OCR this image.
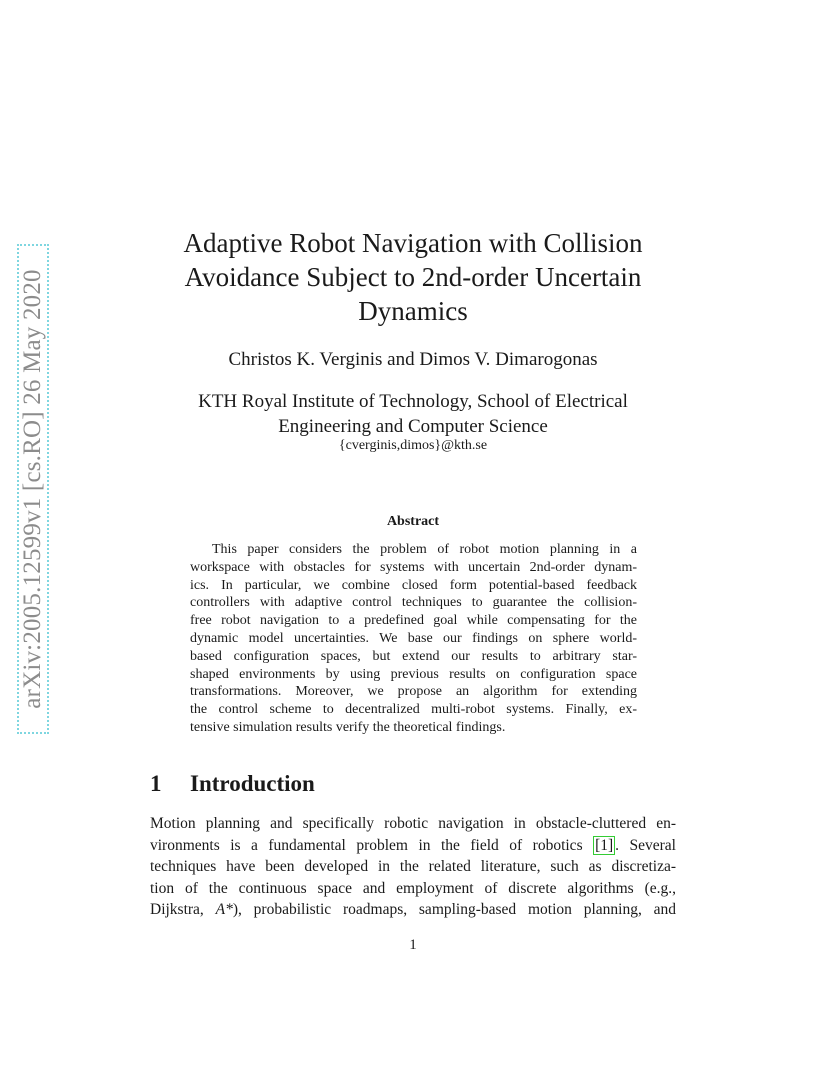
arXiv:2005.12599v1 [cs.RO] 26 May 2020
Adaptive Robot Navigation with Collision
Avoidance Subject to 2nd-order Uncertain
Dynamics
Christos K. Verginis and Dimos V. Dimarogonas
KTH Royal Institute of Technology, School of Electrical
Engineering and Computer Science
{cverginis,dimos}@kth.se
Abstract
This paper considers the problem of robot motion planning in a
workspace with obstacles for systems with uncertain 2nd-order dynam-
ics. In particular, we combine closed form potential-based feedback
controllers with adaptive control techniques to guarantee the collision-
free robot navigation to a predefined goal while compensating for the
dynamic model uncertainties. We base our findings on sphere world-
based configuration spaces, but extend our results to arbitrary star-
shaped environments by using previous results on configuration space
transformations. Moreover, we propose an algorithm for extending
the control scheme to decentralized multi-robot systems. Finally, ex-
tensive simulation results verify the theoretical findings.
1 Introduction
Motion planning and specifically robotic navigation in obstacle-cluttered en-
vironments is a fundamental problem in the field of robotics [1] . Several
techniques have been developed in the related literature, such as discretiza-
tion of the continuous space and employment of discrete algorithms (e.g.,
Dijkstra, A*), probabilistic roadmaps, sampling-based motion planning, and
1
